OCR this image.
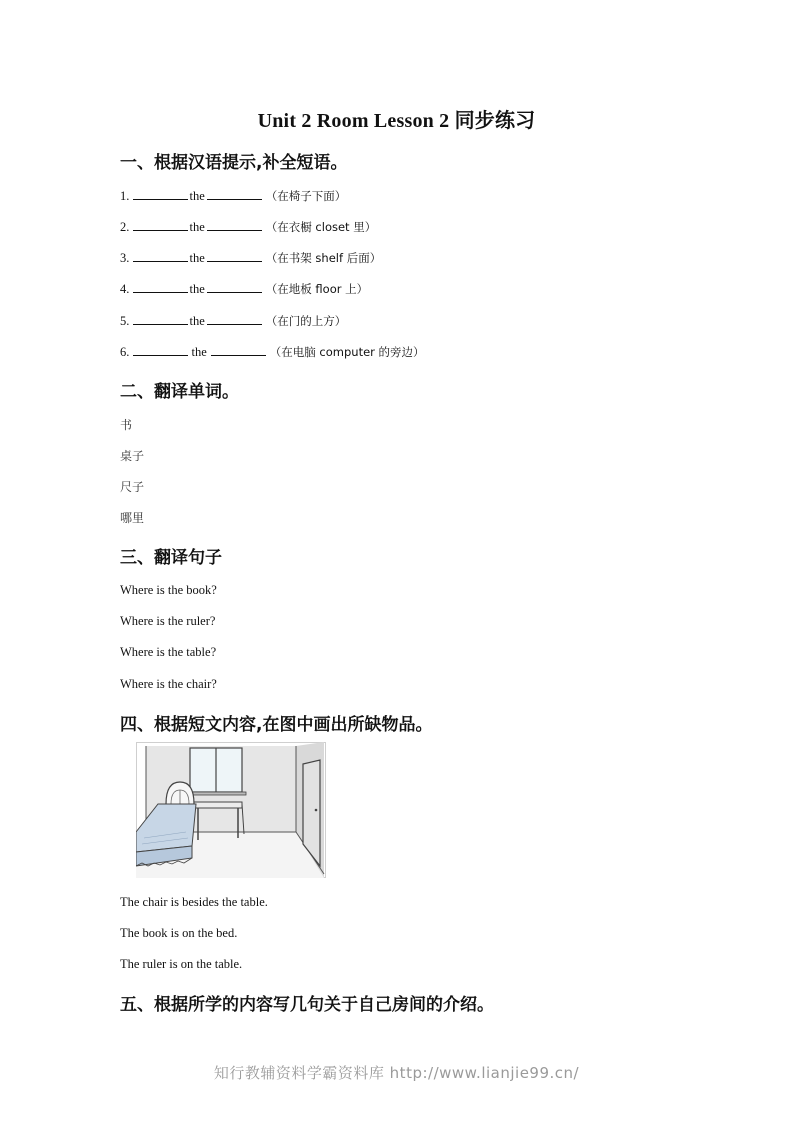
Unit 2 Room Lesson 2 同步练习
一、根据汉语提示,补全短语。
1.	the	（在椅子下面）
2.	the	（在衣橱 closet 里）
3.	the	（在书架 shelf 后面）
4.	the	（在地板 floor 上）
5.	the	（在门的上方）
6.	the	（在电脑 computer 的旁边）
二、翻译单词。
书
桌子
尺子
哪里
三、翻译句子
Where is the book?
Where is the ruler?
Where is the table?
Where is the chair?
四、根据短文内容,在图中画出所缺物品。
The chair is besides the table.
The book is on the bed.
The ruler is on the table.
五、根据所学的内容写几句关于自己房间的介绍。
知行教辅资料学霸资料库 http://www.lianjie99.cn/
